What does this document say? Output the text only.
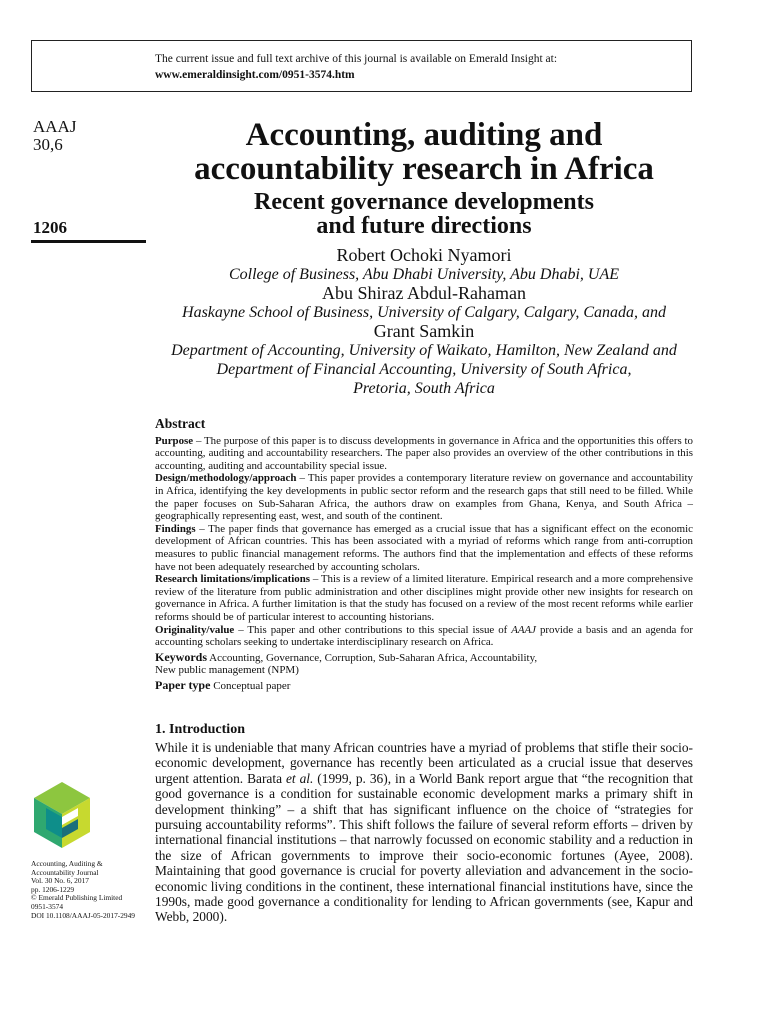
The current issue and full text archive of this journal is available on Emerald Insight at:
www.emeraldinsight.com/0951-3574.htm
AAAJ
30,6
1206
Accounting, auditing and
accountability research in Africa
Recent governance developments
and future directions
Robert Ochoki Nyamori
College of Business, Abu Dhabi University, Abu Dhabi, UAE
Abu Shiraz Abdul-Rahaman
Haskayne School of Business, University of Calgary, Calgary, Canada, and
Grant Samkin
Department of Accounting, University of Waikato, Hamilton, New Zealand and
Department of Financial Accounting, University of South Africa,
Pretoria, South Africa
Abstract

Purpose – The purpose of this paper is to discuss developments in governance in Africa and the opportunities this offers to accounting, auditing and accountability researchers. The paper also provides an overview of the other contributions in this accounting, auditing and accountability special issue.

Design/methodology/approach – This paper provides a contemporary literature review on governance and accountability in Africa, identifying the key developments in public sector reform and the research gaps that still need to be filled. While the paper focuses on Sub-Saharan Africa, the authors draw on examples from Ghana, Kenya, and South Africa – geographically representing east, west, and south of the continent.

Findings – The paper finds that governance has emerged as a crucial issue that has a significant effect on the economic development of African countries. This has been associated with a myriad of reforms which range from anti-corruption measures to public financial management reforms. The authors find that the implementation and effects of these reforms have not been adequately researched by accounting scholars.

Research limitations/implications – This is a review of a limited literature. Empirical research and a more comprehensive review of the literature from public administration and other disciplines might provide other new insights for research on governance in Africa. A further limitation is that the study has focused on a review of the most recent reforms while earlier reforms should be of particular interest to accounting historians.

Originality/value – This paper and other contributions to this special issue of AAAJ provide a basis and an agenda for accounting scholars seeking to undertake interdisciplinary research on Africa.

Keywords Accounting, Governance, Corruption, Sub-Saharan Africa, Accountability,
New public management (NPM)

Paper type Conceptual paper

1. Introduction

While it is undeniable that many African countries have a myriad of problems that stifle their socio-economic development, governance has recently been articulated as a crucial issue that deserves urgent attention. Barata et al. (1999, p. 36), in a World Bank report argue that “the recognition that good governance is a condition for sustainable economic development marks a primary shift in development thinking” – a shift that has significant influence on the choice of “strategies for pursuing accountability reforms”. This shift follows the failure of several reform efforts – driven by international financial institutions – that narrowly focussed on economic stability and a reduction in the size of African governments to improve their socio-economic fortunes (Ayee, 2008). Maintaining that good governance is crucial for poverty alleviation and advancement in the socio-economic living conditions in the continent, these international financial institutions have, since the 1990s, made good governance a conditionality for lending to African governments (see, Kapur and Webb, 2000).

Accounting, Auditing &
Accountability Journal
Vol. 30 No. 6, 2017
pp. 1206-1229
© Emerald Publishing Limited
0951-3574
DOI 10.1108/AAAJ-05-2017-2949
